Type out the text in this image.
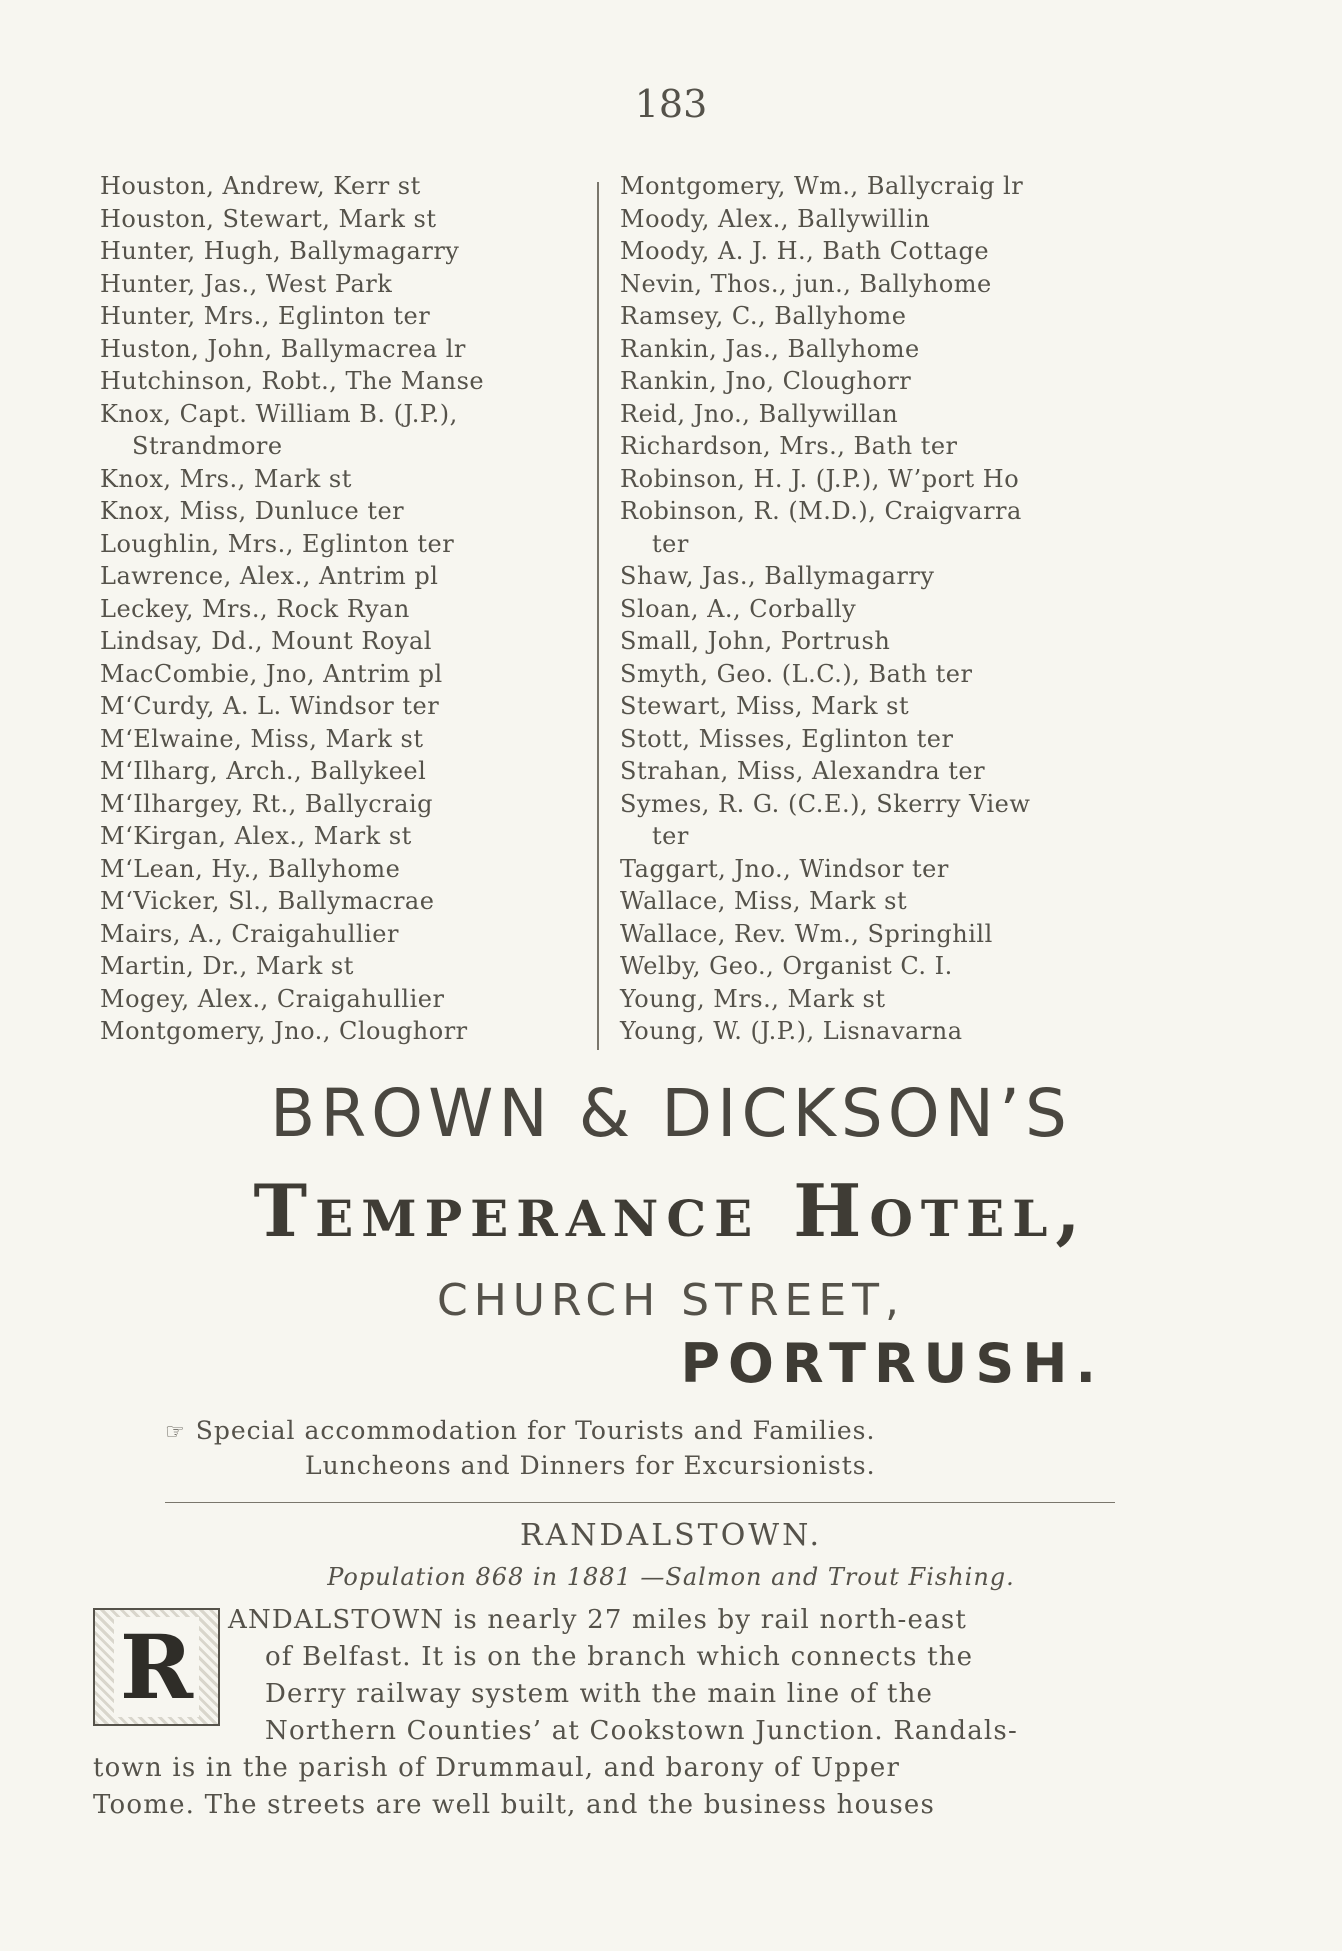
183
Houston, Andrew, Kerr st
Houston, Stewart, Mark st
Hunter, Hugh, Ballymagarry
Hunter, Jas., West Park
Hunter, Mrs., Eglinton ter
Huston, John, Ballymacrea lr
Hutchinson, Robt., The Manse
Knox, Capt. William B. (J.P.),
Strandmore
Knox, Mrs., Mark st
Knox, Miss, Dunluce ter
Loughlin, Mrs., Eglinton ter
Lawrence, Alex., Antrim pl
Leckey, Mrs., Rock Ryan
Lindsay, Dd., Mount Royal
MacCombie, Jno, Antrim pl
M‘Curdy, A. L. Windsor ter
M‘Elwaine, Miss, Mark st
M‘Ilharg, Arch., Ballykeel
M‘Ilhargey, Rt., Ballycraig
M‘Kirgan, Alex., Mark st
M‘Lean, Hy., Ballyhome
M‘Vicker, Sl., Ballymacrae
Mairs, A., Craigahullier
Martin, Dr., Mark st
Mogey, Alex., Craigahullier
Montgomery, Jno., Cloughorr
Montgomery, Wm., Ballycraig lr
Moody, Alex., Ballywillin
Moody, A. J. H., Bath Cottage
Nevin, Thos., jun., Ballyhome
Ramsey, C., Ballyhome
Rankin, Jas., Ballyhome
Rankin, Jno, Cloughorr
Reid, Jno., Ballywillan
Richardson, Mrs., Bath ter
Robinson, H. J. (J.P.), W’port Ho
Robinson, R. (M.D.), Craigvarra
ter
Shaw, Jas., Ballymagarry
Sloan, A., Corbally
Small, John, Portrush
Smyth, Geo. (L.C.), Bath ter
Stewart, Miss, Mark st
Stott, Misses, Eglinton ter
Strahan, Miss, Alexandra ter
Symes, R. G. (C.E.), Skerry View
ter
Taggart, Jno., Windsor ter
Wallace, Miss, Mark st
Wallace, Rev. Wm., Springhill
Welby, Geo., Organist C. I.
Young, Mrs., Mark st
Young, W. (J.P.), Lisnavarna
BROWN & DICKSON’S
Temperance Hotel,
CHURCH STREET,
PORTRUSH.
☞ Special accommodation for Tourists and Families.
Luncheons and Dinners for Excursionists.
RANDALSTOWN.
Population 868 in 1881 —Salmon and Trout Fishing.
R ANDALSTOWN is nearly 27 miles by rail north-east
of Belfast. It is on the branch which connects the
Derry railway system with the main line of the
Northern Counties’ at Cookstown Junction. Randals-
town is in the parish of Drummaul, and barony of Upper
Toome. The streets are well built, and the business houses
